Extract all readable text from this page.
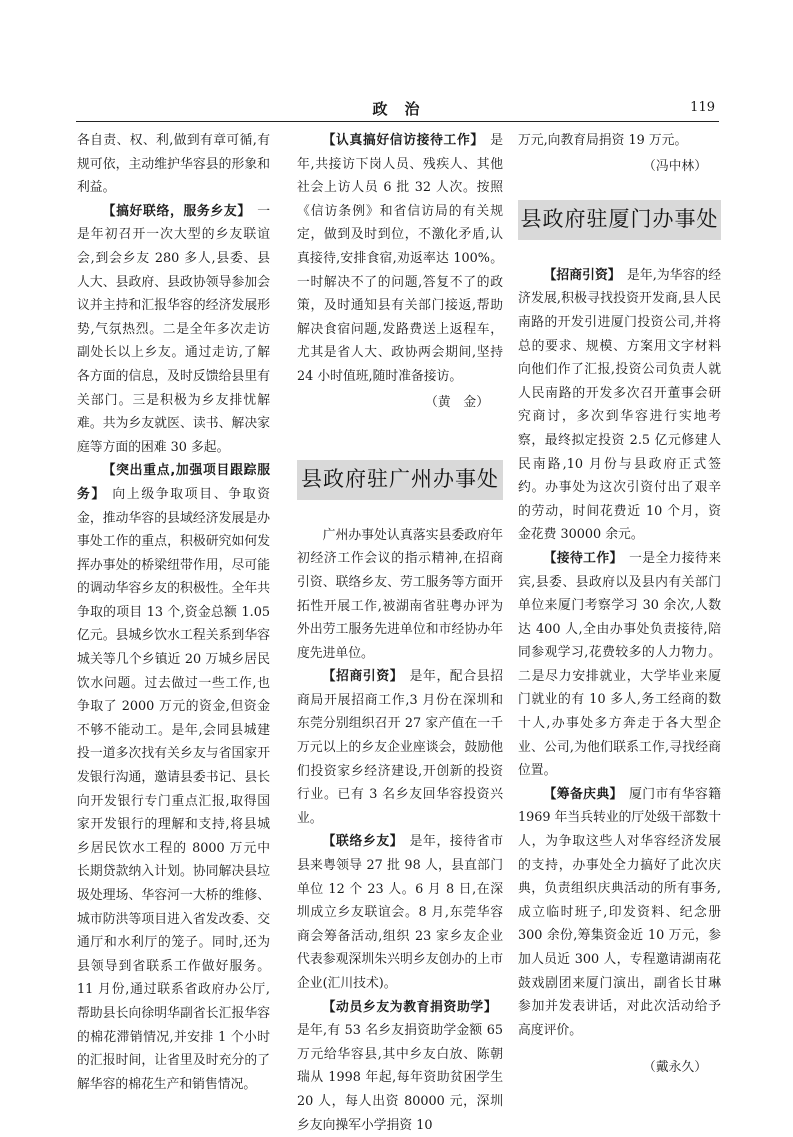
政　治	119

各自责、权、利,做到有章可循,有规可依，主动维护华容县的形象和利益。

【搞好联络，服务乡友】 一是年初召开一次大型的乡友联谊会,到会乡友 280 多人,县委、县人大、县政府、县政协领导参加会议并主持和汇报华容的经济发展形势,气氛热烈。二是全年多次走访副处长以上乡友。通过走访,了解各方面的信息，及时反馈给县里有关部门。三是积极为乡友排忧解难。共为乡友就医、读书、解决家庭等方面的困难 30 多起。

【突出重点,加强项目跟踪服务】 向上级争取项目、争取资金，推动华容的县域经济发展是办事处工作的重点，积极研究如何发挥办事处的桥梁纽带作用，尽可能的调动华容乡友的积极性。全年共争取的项目 13 个,资金总额 1.05 亿元。县城乡饮水工程关系到华容城关等几个乡镇近 20 万城乡居民饮水问题。过去做过一些工作,也争取了 2000 万元的资金,但资金不够不能动工。是年,会同县城建投一道多次找有关乡友与省国家开发银行沟通，邀请县委书记、县长向开发银行专门重点汇报,取得国家开发银行的理解和支持,将县城乡居民饮水工程的 8000 万元中长期贷款纳入计划。协同解决县垃圾处理场、华容河一大桥的维修、城市防洪等项目进入省发改委、交通厅和水利厅的笼子。同时,还为县领导到省联系工作做好服务。11 月份,通过联系省政府办公厅,帮助县长向徐明华副省长汇报华容的棉花滞销情况,并安排 1 个小时的汇报时间，让省里及时充分的了解华容的棉花生产和销售情况。

【认真搞好信访接待工作】 是年,共接访下岗人员、残疾人、其他社会上访人员 6 批 32 人次。按照《信访条例》和省信访局的有关规定，做到及时到位，不激化矛盾,认真接待,安排食宿,劝返率达 100%。一时解决不了的问题,答复不了的政策，及时通知县有关部门接返,帮助解决食宿问题,发路费送上返程车，尤其是省人大、政协两会期间,坚持 24 小时值班,随时准备接访。

（黄　金）

县政府驻广州办事处

广州办事处认真落实县委政府年初经济工作会议的指示精神,在招商引资、联络乡友、劳工服务等方面开拓性开展工作,被湖南省驻粤办评为外出劳工服务先进单位和市经协办年度先进单位。

【招商引资】 是年，配合县招商局开展招商工作,3 月份在深圳和东莞分别组织召开 27 家产值在一千万元以上的乡友企业座谈会，鼓励他们投资家乡经济建设,开创新的投资行业。已有 3 名乡友回华容投资兴业。

【联络乡友】 是年，接待省市县来粤领导 27 批 98 人，县直部门单位 12 个 23 人。6 月 8 日,在深圳成立乡友联谊会。8 月,东莞华容商会筹备活动,组织 23 家乡友企业代表参观深圳朱兴明乡友创办的上市企业(汇川技术)。

【动员乡友为教育捐资助学】是年,有 53 名乡友捐资助学金额 65 万元给华容县,其中乡友白放、陈朝瑞从 1998 年起,每年资助贫困学生 20 人，每人出资 80000 元，深圳乡友向操军小学捐资 10

万元,向教育局捐资 19 万元。

（冯中林）

县政府驻厦门办事处

【招商引资】 是年,为华容的经济发展,积极寻找投资开发商,县人民南路的开发引进厦门投资公司,并将总的要求、规模、方案用文字材料向他们作了汇报,投资公司负责人就人民南路的开发多次召开董事会研究商讨，多次到华容进行实地考察，最终拟定投资 2.5 亿元修建人民南路,10 月份与县政府正式签约。办事处为这次引资付出了艰辛的劳动，时间花费近 10 个月，资金花费 30000 余元。

【接待工作】 一是全力接待来宾,县委、县政府以及县内有关部门单位来厦门考察学习 30 余次,人数达 400 人,全由办事处负责接待,陪同参观学习,花费较多的人力物力。二是尽力安排就业，大学毕业来厦门就业的有 10 多人,务工经商的数十人,办事处多方奔走于各大型企业、公司,为他们联系工作,寻找经商位置。

【筹备庆典】 厦门市有华容籍 1969 年当兵转业的厅处级干部数十人，为争取这些人对华容经济发展的支持，办事处全力搞好了此次庆典，负责组织庆典活动的所有事务,成立临时班子,印发资料、纪念册 300 余份,筹集资金近 10 万元，参加人员近 300 人，专程邀请湖南花鼓戏剧团来厦门演出，副省长甘琳参加并发表讲话，对此次活动给予高度评价。

（戴永久）
